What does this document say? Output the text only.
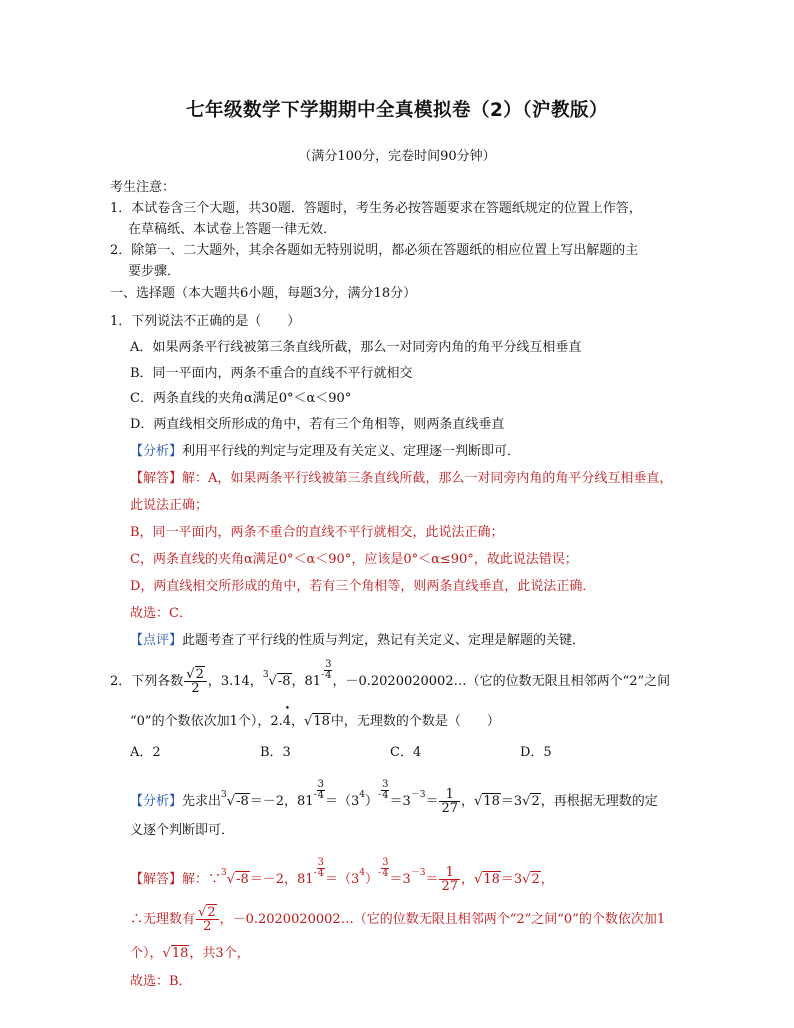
七年级数学下学期期中全真模拟卷（2）（沪教版）
（满分100分，完卷时间90分钟）
考生注意：
1．本试卷含三个大题，共30题．答题时，考生务必按答题要求在答题纸规定的位置上作答，
在草稿纸、本试卷上答题一律无效．
2．除第一、二大题外，其余各题如无特别说明，都必须在答题纸的相应位置上写出解题的主
要步骤．
一、选择题（本大题共6小题，每题3分，满分18分）
1．下列说法不正确的是（　　）
A．如果两条平行线被第三条直线所截，那么一对同旁内角的角平分线互相垂直
B．同一平面内，两条不重合的直线不平行就相交
C．两条直线的夹角α满足0°＜α＜90°
D．两直线相交所形成的角中，若有三个角相等，则两条直线垂直
【分析】利用平行线的判定与定理及有关定义、定理逐一判断即可．
【解答】解：A，如果两条平行线被第三条直线所截，那么一对同旁内角的角平分线互相垂直，
此说法正确；
B，同一平面内，两条不重合的直线不平行就相交，此说法正确；
C，两条直线的夹角α满足0°＜α＜90°，应该是0°＜α≤90°，故此说法错误；
D，两直线相交所形成的角中，若有三个角相等，则两条直线垂直，此说法正确．
故选：C．
【点评】此题考查了平行线的性质与判定，熟记有关定义、定理是解题的关键．
2．下列各数 $\frac{√2}{2}$ ，3.14，$^3$√-8，$81^- \frac{3}{4}$
，－0.2020020002…（它的位数无限且相邻两个“2”之间
“0”的个数依次加1个），2.• 4，√18中，无理数的个数是（　　）
A．2	B．3	C．4	D．5
【分析】先求出$^3$√-8＝－2，$81^- \frac{3}{4}$
$=(3^4)^- \frac{3}{4}$
$=3^{-3}= \frac{1}{27}$ ，√18＝3√2，再根据无理数的定
义逐个判断即可．
【解答】解：∵$^3$√-8＝－2，$81^- \frac{3}{4}$
$=(3^4)^- \frac{3}{4}$
$=3^{-3}= \frac{1}{27}$ ，√18＝3√2，
∴无理数有 $\frac{√2}{2}$ ，－0.2020020002…（它的位数无限且相邻两个“2”之间“0”的个数依次加1
个），√18，共3个，
故选：B．
